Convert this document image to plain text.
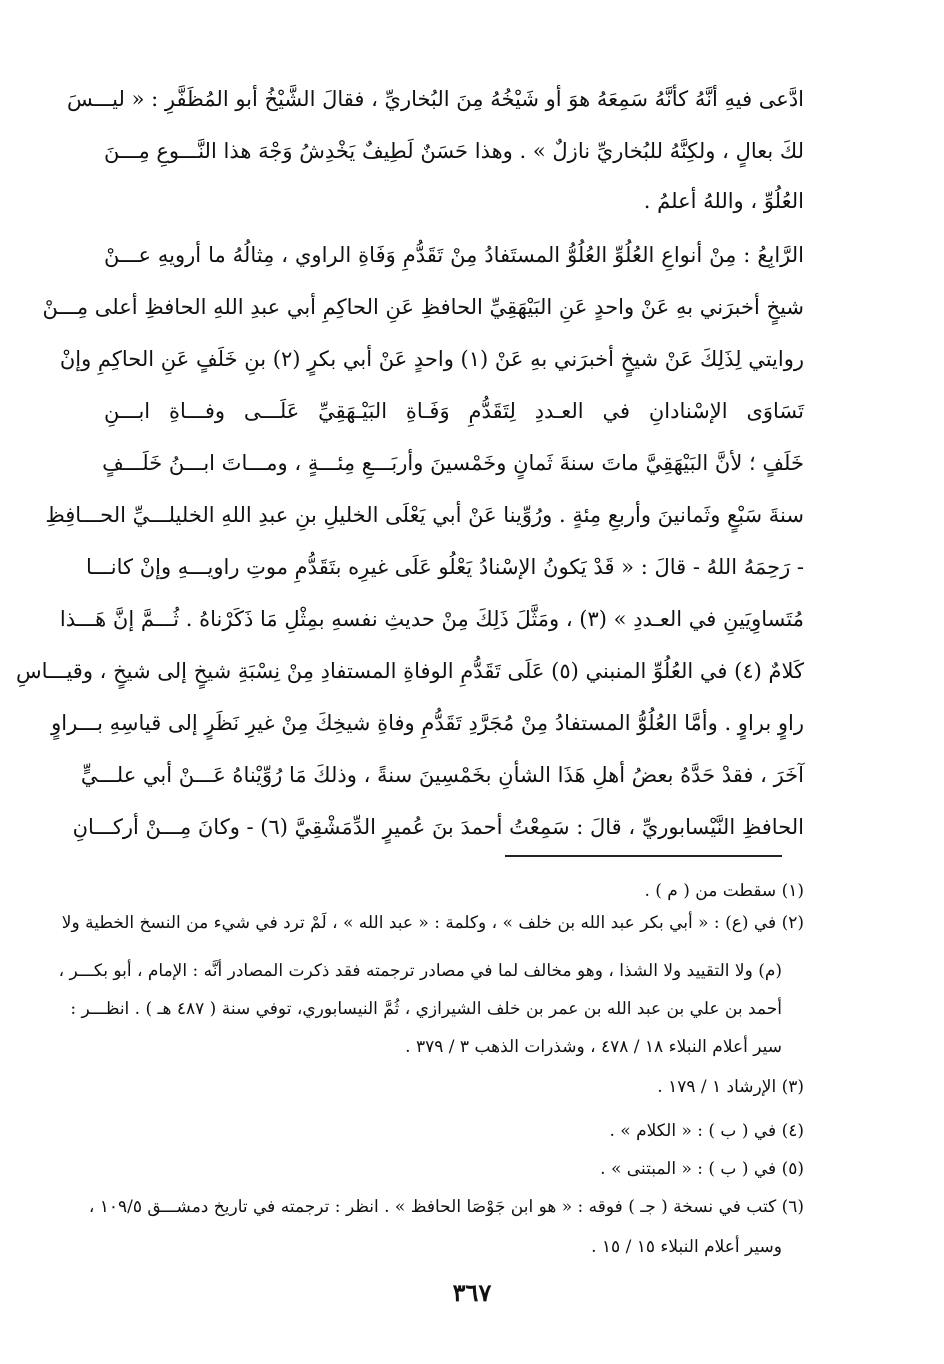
ادَّعى فيهِ أنَّهُ كأنَّهُ سَمِعَهُ هوَ أو شَيْخُهُ مِنَ البُخاريِّ ، فقالَ الشَّيْخُ أبو المُظَفَّرِ : « ليـــسَ
لكَ بعالٍ ، ولكِنَّهُ للبُخاريِّ نازلٌ » . وهذا حَسَنٌ لَطِيفٌ يَخْدِشُ وَجْهَ هذا النَّـــوعِ مِـــنَ
العُلُوِّ ، واللهُ أعلمُ .
الرَّابِعُ : مِنْ أنواعِ العُلُوِّ العُلُوُّ المستَفادُ مِنْ تَقَدُّمِ وَفَاةِ الراوي ، مِثالُهُ ما أرويهِ عـــنْ
شيخٍ أخبرَني بهِ عَنْ واحدٍ عَنِ البَيْهَقِيِّ الحافظِ عَنِ الحاكِمِ أبي عبدِ اللهِ الحافظِ أعلى مِـــنْ
روايتي لِذَلِكَ عَنْ شيخٍ أخبرَني بهِ عَنْ (١) واحدٍ عَنْ أبي بكرٍ (٢) بنِ خَلَفٍ عَنِ الحاكِمِ وإنْ
تَسَاوَى الإسْنادانِ في العـددِ لِتَقَدُّمِ وَفَـاةِ البَيْـهَقِيِّ عَلَـــى وفـــاةِ ابـــنِ
خَلَفٍ ؛ لأنَّ البَيْهَقِيَّ ماتَ سنةَ ثَمانٍ وخَمْسينَ وأربَـــعِ مِئـــةٍ ، ومـــاتَ ابـــنُ خَلَـــفٍ
سنةَ سَبْعٍ وثَمانينَ وأربعِ مِئةٍ . ورُوِّينا عَنْ أبي يَعْلَى الخليلِ بنِ عبدِ اللهِ الخليلـــيِّ الحـــافِظِ
- رَحِمَهُ اللهُ - قالَ : « قَدْ يَكونُ الإسْنادُ يَعْلُو عَلَى غيرِه بتَقَدُّمِ موتِ راويـــهِ وإنْ كانـــا
مُتَساوِيَينِ في العـددِ » (٣) ، ومَثَّلَ ذَلِكَ مِنْ حديثِ نفسهِ بمِثْلِ مَا ذَكَرْناهُ . ثُـــمَّ إنَّ هَـــذا
كَلامٌ (٤) في العُلُوِّ المنبني (٥) عَلَى تَقَدُّمِ الوفاةِ المستفادِ مِنْ نِسْبَةِ شيخٍ إلى شيخٍ ، وقيـــاسِ
راوٍ براوٍ . وأمَّا العُلُوُّ المستفادُ مِنْ مُجَرَّدِ تَقَدُّمِ وفاةِ شيخِكَ مِنْ غيرِ نَظَرٍ إلى قياسِهِ بـــراوٍ
آخَرَ ، فقدْ حَدَّهُ بعضُ أهلِ هَذَا الشأنِ بخَمْسِينَ سنةً ، وذلكَ مَا رُوِّيْناهُ عَـــنْ أبي علـــيٍّ
الحافظِ النَّيْسابوريِّ ، قالَ : سَمِعْتُ أحمدَ بنَ عُميرٍ الدِّمَشْقِيَّ (٦) - وكانَ مِـــنْ أركـــانِ
(١) سقطت من ( م ) .
(٢) في (ع) : « أبي بكر عبد الله بن خلف » ، وكلمة : « عبد الله » ، لَمْ ترد في شيء من النسخ الخطية ولا
(م) ولا التقييد ولا الشذا ، وهو مخالف لما في مصادر ترجمته فقد ذكرت المصادر أنَّه : الإمام ، أبو بكـــر ،
أحمد بن علي بن عبد الله بن عمر بن خلف الشيرازي ، ثُمَّ النيسابوري، توفي سنة ( ٤٨٧ هـ ) . انظـــر :
سير أعلام النبلاء ١٨ / ٤٧٨ ، وشذرات الذهب ٣ / ٣٧٩ .
(٣) الإرشاد ١ / ١٧٩ .
(٤) في ( ب ) : « الكلام » .
(٥) في ( ب ) : « المبتنى » .
(٦) كتب في نسخة ( جـ ) فوقه : « هو ابن جَوْصَا الحافظ » . انظر : ترجمته في تاريخ دمشـــق ١٠٩/٥ ،
وسير أعلام النبلاء ١٥ / ١٥ .
٣٦٧
